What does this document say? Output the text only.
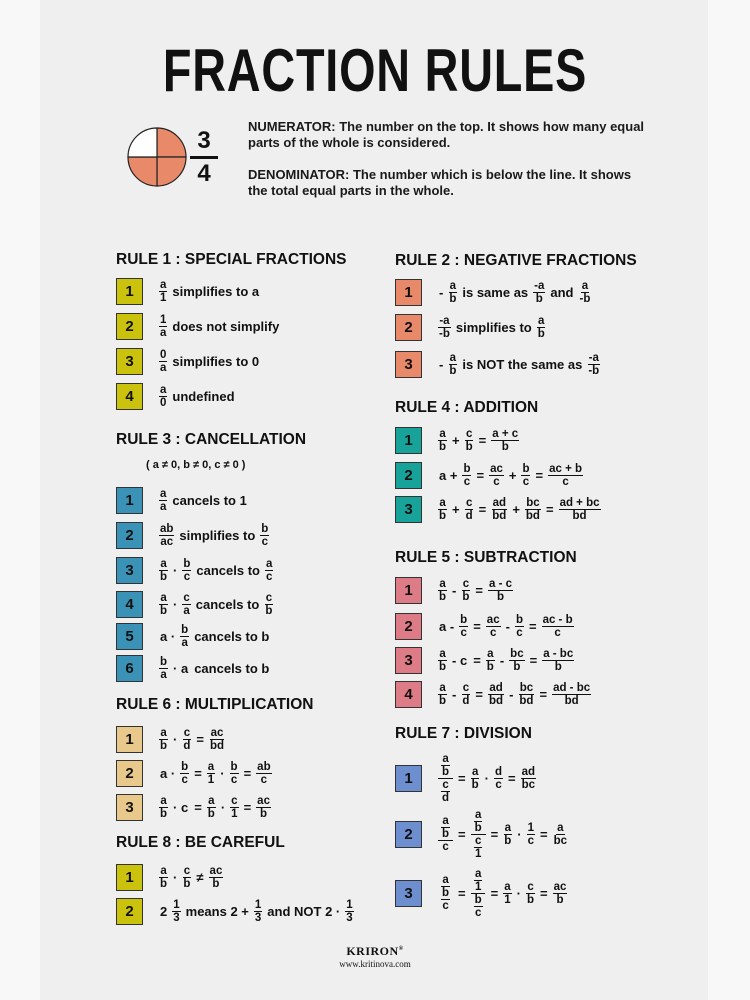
FRACTION RULES
3
4
NUMERATOR: The number on the top. It shows how many equal parts of the whole is considered.
DENOMINATOR: The number which is below the line. It shows the total equal parts in the whole.
RULE 1 : SPECIAL FRACTIONS
1	$\frac{a}{1}$ simplifies to a
2	$\frac{1}{a}$ does not simplify
3	$\frac{0}{a}$ simplifies to 0
4	$\frac{a}{0}$ undefined
RULE 2 : NEGATIVE FRACTIONS
1	- $\frac{a}{b}$ is same as $\frac{-a}{b}$ and $\frac{a}{-b}$
2	$\frac{-a}{-b}$ simplifies to $\frac{a}{b}$
3	- $\frac{a}{b}$ is NOT the same as $\frac{-a}{-b}$
RULE 3 : CANCELLATION
( a ≠ 0, b ≠ 0, c ≠ 0 )
1	$\frac{a}{a}$ cancels to 1
2	$\frac{ab}{ac}$ simplifies to $\frac{b}{c}$
3	$\frac{a}{b} \cdot \frac{b}{c}$ cancels to $\frac{a}{c}$
4	$\frac{a}{b} \cdot \frac{c}{a}$ cancels to $\frac{c}{b}$
5	$a \cdot \frac{b}{a}$ cancels to b
6	$\frac{b}{a} \cdot a$ cancels to b
RULE 4 : ADDITION
1	$\frac{a}{b} + \frac{c}{b} = \frac{a + c}{b}$
2	$a + \frac{b}{c} = \frac{ac}{c} + \frac{b}{c} = \frac{ac + b}{c}$
3	$\frac{a}{b} + \frac{c}{d} = \frac{ad}{bd} + \frac{bc}{bd} = \frac{ad + bc}{bd}$
RULE 5 : SUBTRACTION
1	$\frac{a}{b} - \frac{c}{b} = \frac{a - c}{b}$
2	$a - \frac{b}{c} = \frac{ac}{c} - \frac{b}{c} = \frac{ac - b}{c}$
3	$\frac{a}{b} - c = \frac{a}{b} - \frac{bc}{b} = \frac{a - bc}{b}$
4	$\frac{a}{b} - \frac{c}{d} = \frac{ad}{bd} - \frac{bc}{bd} = \frac{ad - bc}{bd}$
RULE 6 : MULTIPLICATION
1	$\frac{a}{b} \cdot \frac{c}{d} = \frac{ac}{bd}$
2	$a \cdot \frac{b}{c} = \frac{a}{1} \cdot \frac{b}{c} = \frac{ab}{c}$
3	$\frac{a}{b} \cdot c = \frac{a}{b} \cdot \frac{c}{1} = \frac{ac}{b}$
RULE 7 : DIVISION
1	$\frac{\frac{a}{b}}{\frac{c}{d}} = \frac{a}{b} \cdot \frac{d}{c} = \frac{ad}{bc}$
2	$\frac{\frac{a}{b}}{c} = \frac{\frac{a}{b}}{\frac{c}{1}} = \frac{a}{b} \cdot \frac{1}{c} = \frac{a}{bc}$
3	$\frac{a}{\frac{b}{c}} = \frac{\frac{a}{1}}{\frac{b}{c}} = \frac{a}{1} \cdot \frac{c}{b} = \frac{ac}{b}$
RULE 8 : BE CAREFUL
1	$\frac{a}{b} \cdot \frac{c}{b} \ne \frac{ac}{b}$
2	$2 \frac{1}{3}$ means $2 + \frac{1}{3}$ and NOT $2 \cdot \frac{1}{3}$
KRIRON®
www.kritinova.com
